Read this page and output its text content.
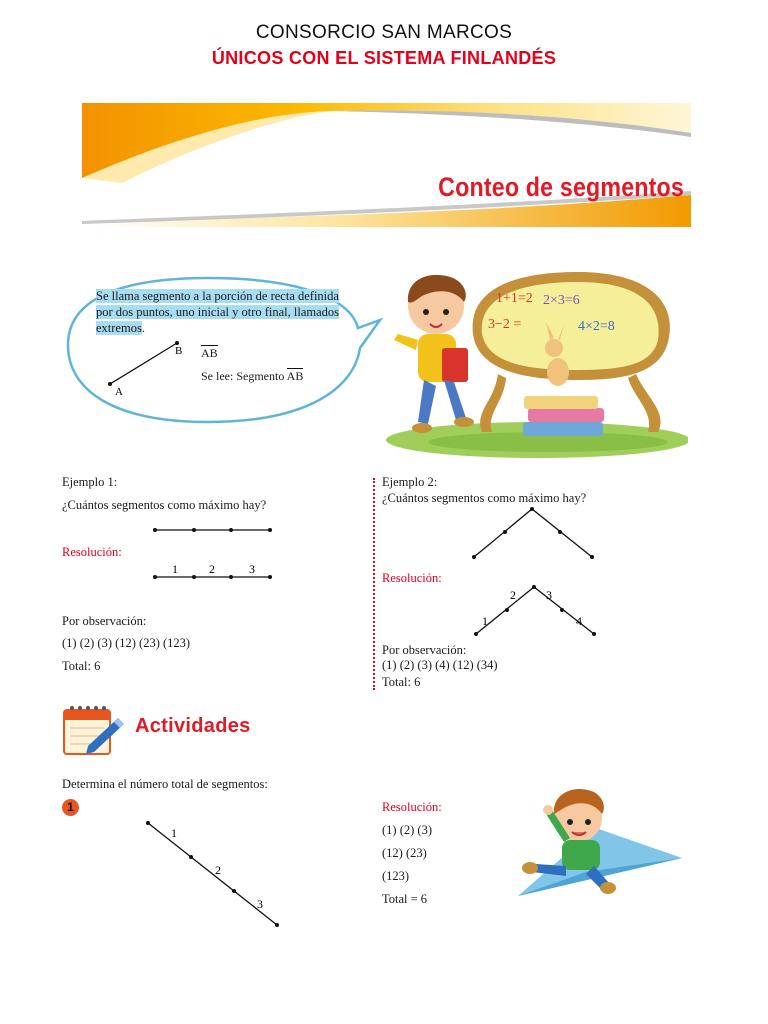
CONSORCIO SAN MARCOS
ÚNICOS CON EL SISTEMA FINLANDÉS
Conteo de segmentos
A
B
Se llama segmento a la porción de recta definida por dos puntos, uno inicial y otro final, llamados extremos.
AB
Se lee: Segmento AB
1+1=2 2×3=6
3−2 =	4×2=8
Ejemplo 1:
¿Cuántos segmentos como máximo hay?
Resolución:
1	2	3
Por observación:
(1) (2) (3) (12) (23) (123)
Total: 6
Ejemplo 2:
¿Cuántos segmentos como máximo hay?
Resolución:
1
2	3
4
Por observación:
(1) (2) (3) (4) (12) (34)
Total: 6
Actividades
Determina el número total de segmentos:
1
1
2
3
Resolución:
(1) (2) (3)
(12) (23)
(123)
Total = 6
